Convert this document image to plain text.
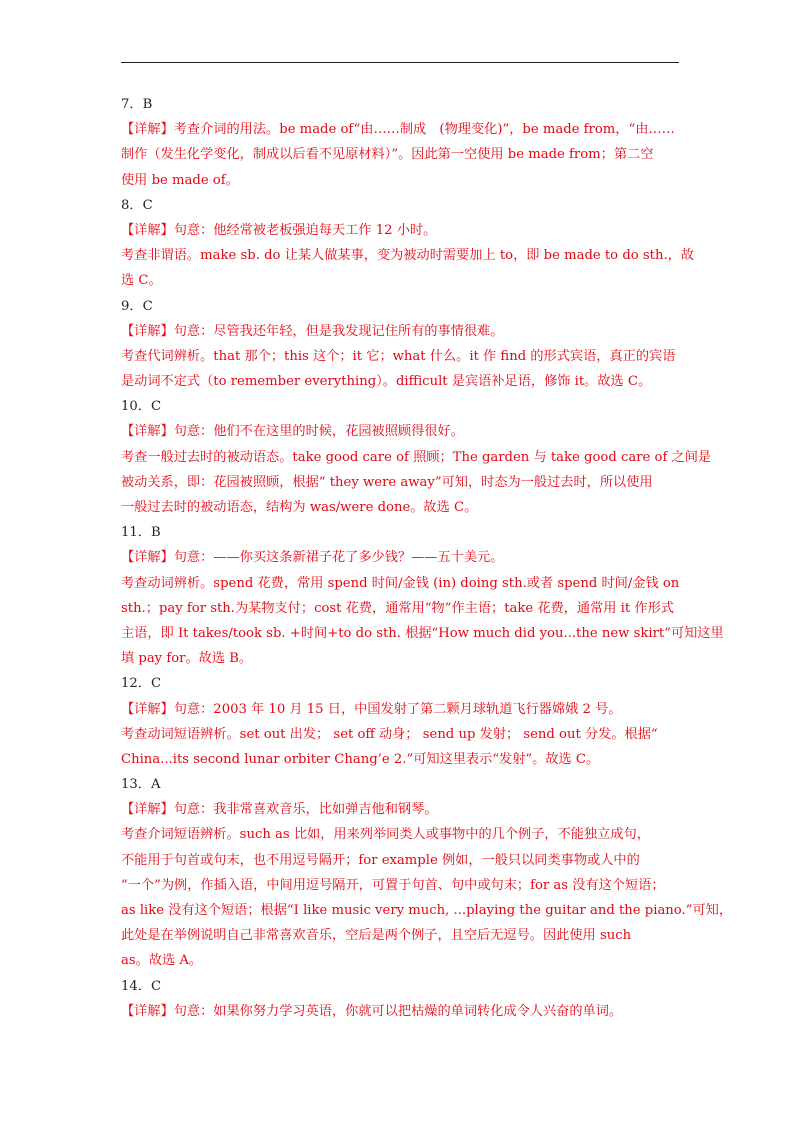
7．B
【详解】考查介词的用法。be made of“由……制成　(物理变化)”，be made from，“由……
制作（发生化学变化，制成以后看不见原材料）”。因此第一空使用 be made from；第二空
使用 be made of。
8．C
【详解】句意：他经常被老板强迫每天工作 12 小时。
考查非谓语。make sb. do 让某人做某事，变为被动时需要加上 to，即 be made to do sth.，故
选 C。
9．C
【详解】句意：尽管我还年轻，但是我发现记住所有的事情很难。
考查代词辨析。that 那个；this 这个；it 它；what 什么。it 作 find 的形式宾语，真正的宾语
是动词不定式（to remember everything）。difficult 是宾语补足语，修饰 it。故选 C。
10．C
【详解】句意：他们不在这里的时候，花园被照顾得很好。
考查一般过去时的被动语态。take good care of 照顾；The garden 与 take good care of 之间是
被动关系，即：花园被照顾，根据“ they were away”可知，时态为一般过去时，所以使用
一般过去时的被动语态，结构为 was/were done。故选 C。
11．B
【详解】句意：——你买这条新裙子花了多少钱？——五十美元。
考查动词辨析。spend 花费，常用 spend 时间/金钱 (in) doing sth.或者 spend 时间/金钱 on
sth.；pay for sth.为某物支付；cost 花费，通常用“物”作主语；take 花费，通常用 it 作形式
主语，即 It takes/took sb. +时间+to do sth. 根据“How much did you...the new skirt”可知这里
填 pay for。故选 B。
12．C
【详解】句意：2003 年 10 月 15 日，中国发射了第二颗月球轨道飞行器嫦娥 2 号。
考查动词短语辨析。set out 出发； set off 动身； send up 发射； send out 分发。根据“
China...its second lunar orbiter Chang’e 2.”可知这里表示“发射”。故选 C。
13．A
【详解】句意：我非常喜欢音乐，比如弹吉他和钢琴。
考查介词短语辨析。such as 比如，用来列举同类人或事物中的几个例子，不能独立成句，
不能用于句首或句末，也不用逗号隔开；for example 例如，一般只以同类事物或人中的
“一个”为例，作插入语，中间用逗号隔开，可置于句首、句中或句末；for as 没有这个短语；
as like 没有这个短语；根据“I like music very much, ...playing the guitar and the piano.”可知，
此处是在举例说明自己非常喜欢音乐，空后是两个例子，且空后无逗号。因此使用 such
as。故选 A。
14．C
【详解】句意：如果你努力学习英语，你就可以把枯燥的单词转化成令人兴奋的单词。
